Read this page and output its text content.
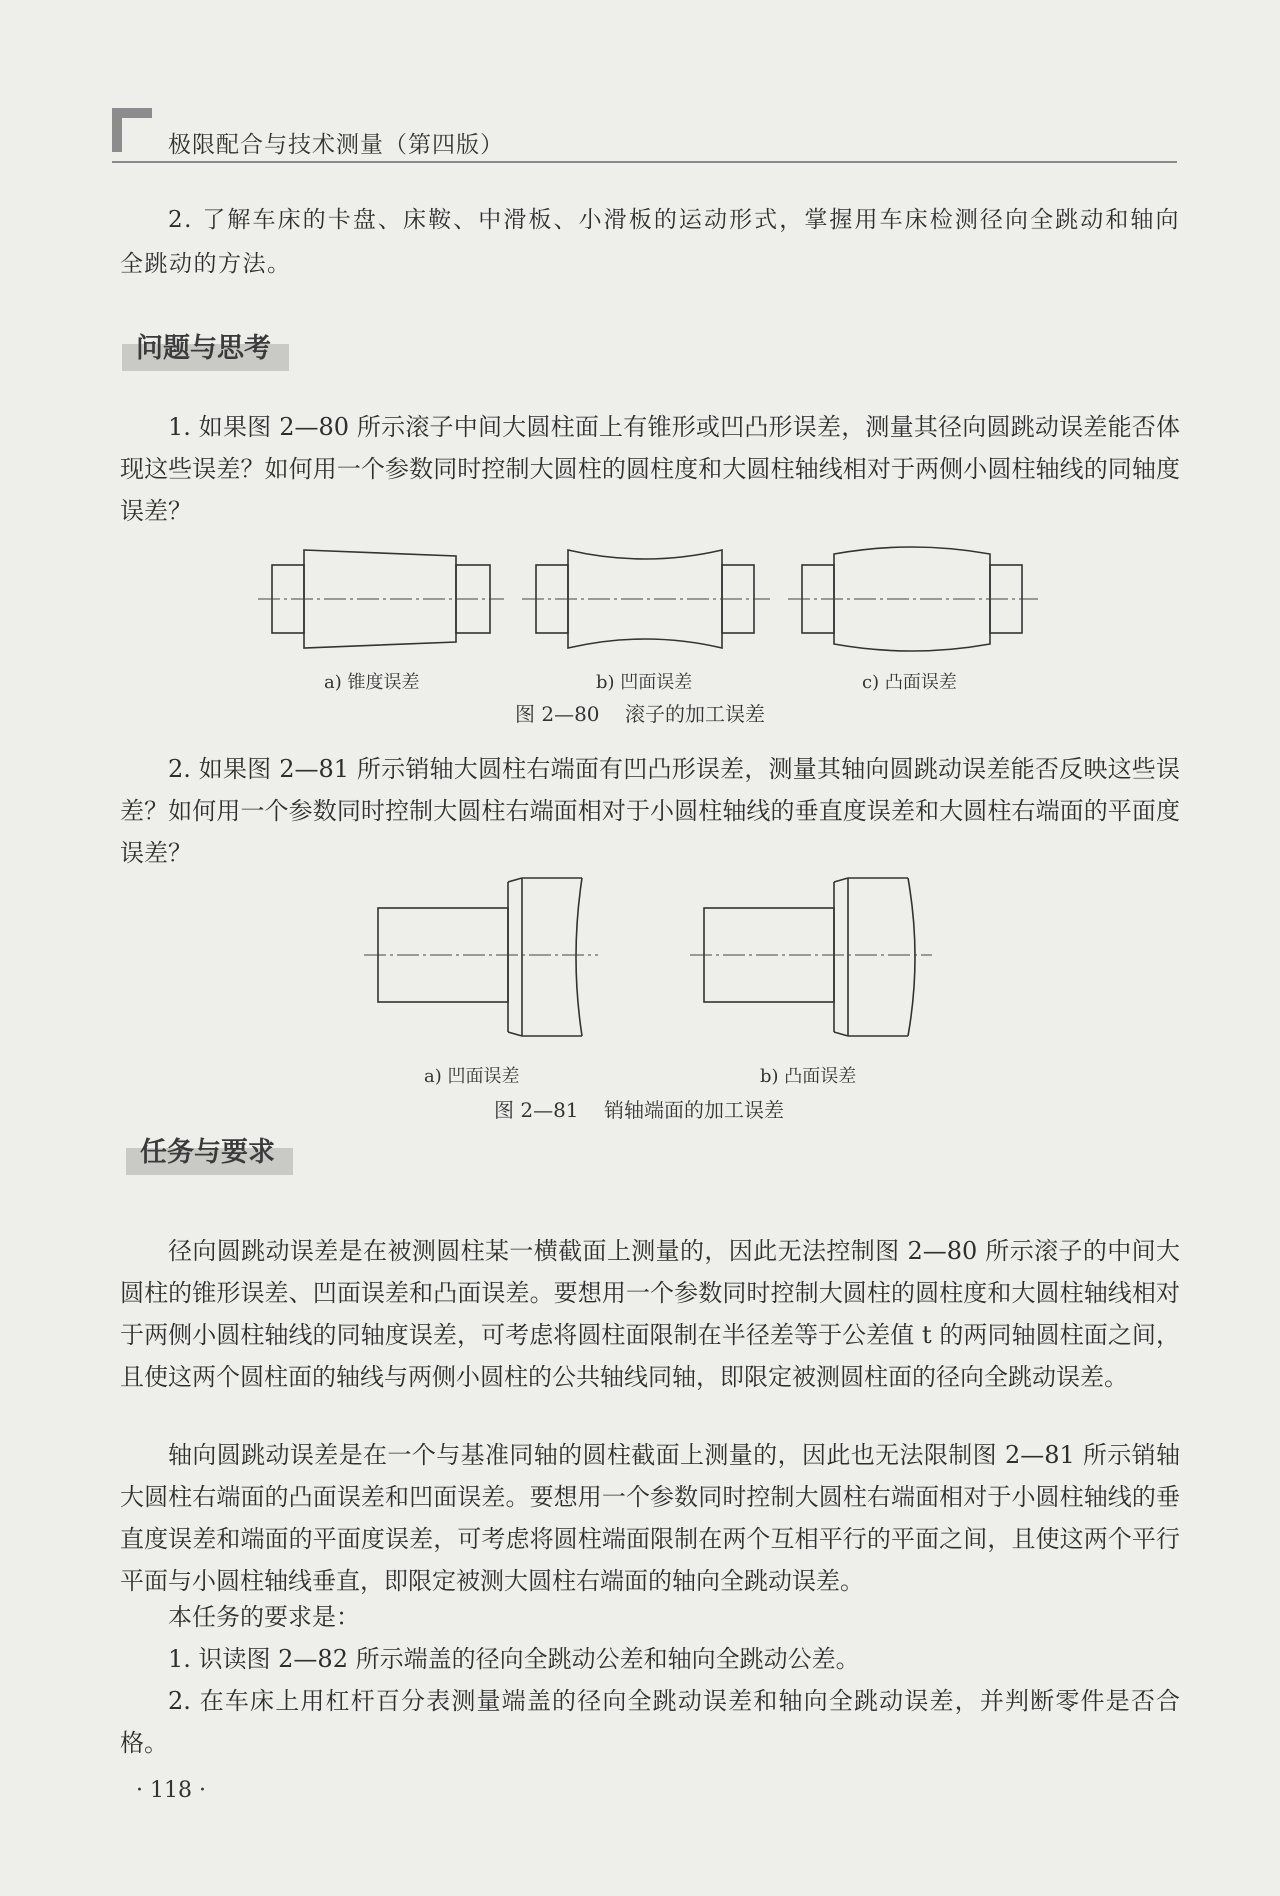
极限配合与技术测量（第四版）

2. 了解车床的卡盘、床鞍、中滑板、小滑板的运动形式，掌握用车床检测径向全跳动和轴向全跳动的方法。

问题与思考

1. 如果图 2—80 所示滚子中间大圆柱面上有锥形或凹凸形误差，测量其径向圆跳动误差能否体现这些误差？如何用一个参数同时控制大圆柱的圆柱度和大圆柱轴线相对于两侧小圆柱轴线的同轴度误差？

a) 锥度误差	b) 凹面误差	c) 凸面误差
图 2—80    滚子的加工误差

2. 如果图 2—81 所示销轴大圆柱右端面有凹凸形误差，测量其轴向圆跳动误差能否反映这些误差？如何用一个参数同时控制大圆柱右端面相对于小圆柱轴线的垂直度误差和大圆柱右端面的平面度误差？

a) 凹面误差	b) 凸面误差
图 2—81    销轴端面的加工误差
任务与要求

径向圆跳动误差是在被测圆柱某一横截面上测量的，因此无法控制图 2—80 所示滚子的中间大圆柱的锥形误差、凹面误差和凸面误差。要想用一个参数同时控制大圆柱的圆柱度和大圆柱轴线相对于两侧小圆柱轴线的同轴度误差，可考虑将圆柱面限制在半径差等于公差值 t 的两同轴圆柱面之间，且使这两个圆柱面的轴线与两侧小圆柱的公共轴线同轴，即限定被测圆柱面的径向全跳动误差。

轴向圆跳动误差是在一个与基准同轴的圆柱截面上测量的，因此也无法限制图 2—81 所示销轴大圆柱右端面的凸面误差和凹面误差。要想用一个参数同时控制大圆柱右端面相对于小圆柱轴线的垂直度误差和端面的平面度误差，可考虑将圆柱端面限制在两个互相平行的平面之间，且使这两个平行平面与小圆柱轴线垂直，即限定被测大圆柱右端面的轴向全跳动误差。

本任务的要求是：

1. 识读图 2—82 所示端盖的径向全跳动公差和轴向全跳动公差。

2. 在车床上用杠杆百分表测量端盖的径向全跳动误差和轴向全跳动误差，并判断零件是否合格。

· 118 ·
